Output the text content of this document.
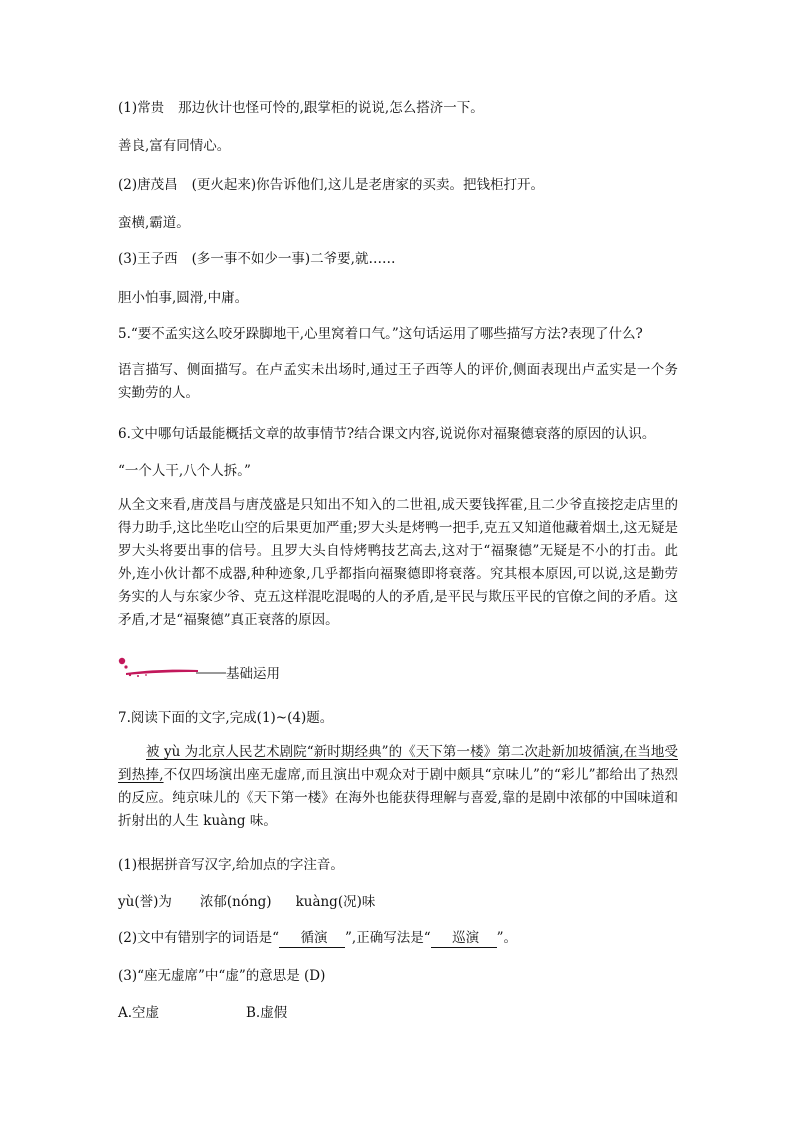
(1)常贵 那边伙计也怪可怜的,跟掌柜的说说,怎么搭济一下。
善良,富有同情心。
(2)唐茂昌 (更火起来)你告诉他们,这儿是老唐家的买卖。把钱柜打开。
蛮横,霸道。
(3)王子西 (多一事不如少一事)二爷要,就……
胆小怕事,圆滑,中庸。
5.“要不孟实这么咬牙跺脚地干,心里窝着口气。”这句话运用了哪些描写方法?表现了什么?
语言描写、侧面描写。在卢孟实未出场时,通过王子西等人的评价,侧面表现出卢孟实是一个务实勤劳的人。
6.文中哪句话最能概括文章的故事情节?结合课文内容,说说你对福聚德衰落的原因的认识。
“一个人干,八个人拆。”
从全文来看,唐茂昌与唐茂盛是只知出不知入的二世祖,成天要钱挥霍,且二少爷直接挖走店里的得力助手,这比坐吃山空的后果更加严重;罗大头是烤鸭一把手,克五又知道他藏着烟土,这无疑是罗大头将要出事的信号。且罗大头自恃烤鸭技艺高去,这对于“福聚德”无疑是不小的打击。此外,连小伙计都不成器,种种迹象,几乎都指向福聚德即将衰落。究其根本原因,可以说,这是勤劳务实的人与东家少爷、克五这样混吃混喝的人的矛盾,是平民与欺压平民的官僚之间的矛盾。这矛盾,才是“福聚德”真正衰落的原因。
基础运用
7.阅读下面的文字,完成(1)~(4)题。
被 yù 为北京人民艺术剧院“新时期经典”的《天下第一楼》第二次赴新加坡循演,在当地受到热捧,不仅四场演出座无虚席,而且演出中观众对于剧中颇具“京味儿”的“彩儿”都给出了热烈的反应。纯京味儿的《天下第一楼》在海外也能获得理解与喜爱,靠的是剧中浓郁的中国味道和折射出的人生 kuàng 味。
(1)根据拼音写汉字,给加点的字注音。
yù(誉)为 浓郁(nóng) kuàng(况)味
(2)文中有错别字的词语是“ 循演 ”,正确写法是“ 巡演 ”。
(3)“座无虚席”中“虚”的意思是 (D)
A.空虚	B.虚假
